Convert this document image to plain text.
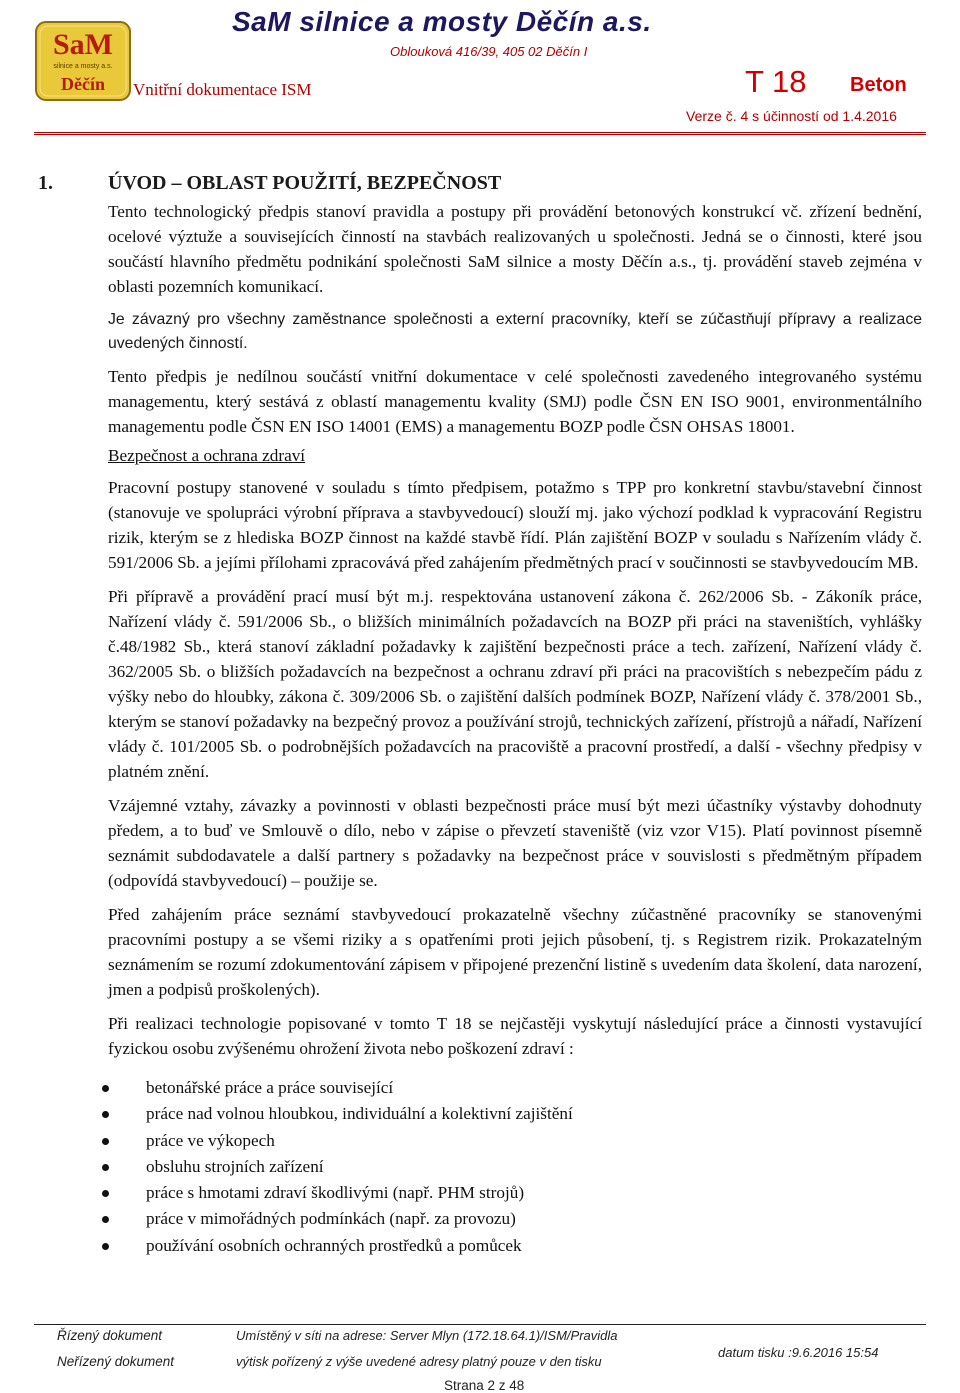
SaM
silnice a mosty a.s.
Děčín
SaM silnice a mosty Děčín a.s.
Oblouková 416/39, 405 02 Děčín I
Vnitřní dokumentace ISM	T 18 Beton
Verze č. 4 s účinností od 1.4.2016
1.	ÚVOD – OBLAST POUŽITÍ, BEZPEČNOST

Tento technologický předpis stanoví pravidla a postupy při provádění betonových konstrukcí vč. zřízení bednění, ocelové výztuže a souvisejících činností na stavbách realizovaných u společnosti. Jedná se o činnosti, které jsou součástí hlavního předmětu podnikání společnosti SaM silnice a mosty Děčín a.s., tj. provádění staveb zejména v oblasti pozemních komunikací.

Je závazný pro všechny zaměstnance společnosti a externí pracovníky, kteří se zúčastňují přípravy a realizace uvedených činností.

Tento předpis je nedílnou součástí vnitřní dokumentace v celé společnosti zavedeného integrovaného systému managementu, který sestává z oblastí managementu kvality (SMJ) podle ČSN EN ISO 9001, environmentálního managementu podle ČSN EN ISO 14001 (EMS) a managementu BOZP podle ČSN OHSAS 18001.

Bezpečnost a ochrana zdraví

Pracovní postupy stanovené v souladu s tímto předpisem, potažmo s TPP pro konkretní stavbu/stavební činnost (stanovuje ve spolupráci výrobní příprava a stavbyvedoucí) slouží mj. jako výchozí podklad k vypracování Registru rizik, kterým se z hlediska BOZP činnost na každé stavbě řídí. Plán zajištění BOZP v souladu s Nařízením vlády č. 591/2006 Sb. a jejími přílohami zpracovává před zahájením předmětných prací v součinnosti se stavbyvedoucím MB.

Při přípravě a provádění prací musí být m.j. respektována ustanovení zákona č. 262/2006 Sb. - Zákoník práce, Nařízení vlády č. 591/2006 Sb., o bližších minimálních požadavcích na BOZP při práci na staveništích, vyhlášky č.48/1982 Sb., která stanoví základní požadavky k zajištění bezpečnosti práce a tech. zařízení, Nařízení vlády č. 362/2005 Sb. o bližších požadavcích na bezpečnost a ochranu zdraví při práci na pracovištích s nebezpečím pádu z výšky nebo do hloubky, zákona č. 309/2006 Sb. o zajištění dalších podmínek BOZP, Nařízení vlády č. 378/2001 Sb., kterým se stanoví požadavky na bezpečný provoz a používání strojů, technických zařízení, přístrojů a nářadí, Nařízení vlády č. 101/2005 Sb. o podrobnějších požadavcích na pracoviště a pracovní prostředí, a další - všechny předpisy v platném znění.

Vzájemné vztahy, závazky a povinnosti v oblasti bezpečnosti práce musí být mezi účastníky výstavby dohodnuty předem, a to buď ve Smlouvě o dílo, nebo v zápise o převzetí staveniště (viz vzor V15). Platí povinnost písemně seznámit subdodavatele a další partnery s požadavky na bezpečnost práce v souvislosti s předmětným případem (odpovídá stavbyvedoucí) – použije se.

Před zahájením práce seznámí stavbyvedoucí prokazatelně všechny zúčastněné pracovníky se stanovenými pracovními postupy a se všemi riziky a s opatřeními proti jejich působení, tj. s Registrem rizik. Prokazatelným seznámením se rozumí zdokumentování zápisem v připojené prezenční listině s uvedením data školení, data narození, jmen a podpisů proškolených).

Při realizaci technologie popisované v tomto T 18 se nejčastěji vyskytují následující práce a činnosti vystavující fyzickou osobu zvýšenému ohrožení života nebo poškození zdraví :

betonářské práce a práce související
práce nad volnou hloubkou, individuální a kolektivní zajištění
práce ve výkopech
obsluhu strojních zařízení
práce s hmotami zdraví škodlivými (např. PHM strojů)
práce v mimořádných podmínkách (např. za provozu)
používání osobních ochranných prostředků a pomůcek
Řízený dokument	Umístěný v síti na adrese: Server Mlyn (172.18.64.1)/ISM/Pravidla
Neřízený dokument	výtisk pořízený z výše uvedené adresy platný pouze v den tisku
datum tisku :9.6.2016 15:54
Strana 2 z 48
